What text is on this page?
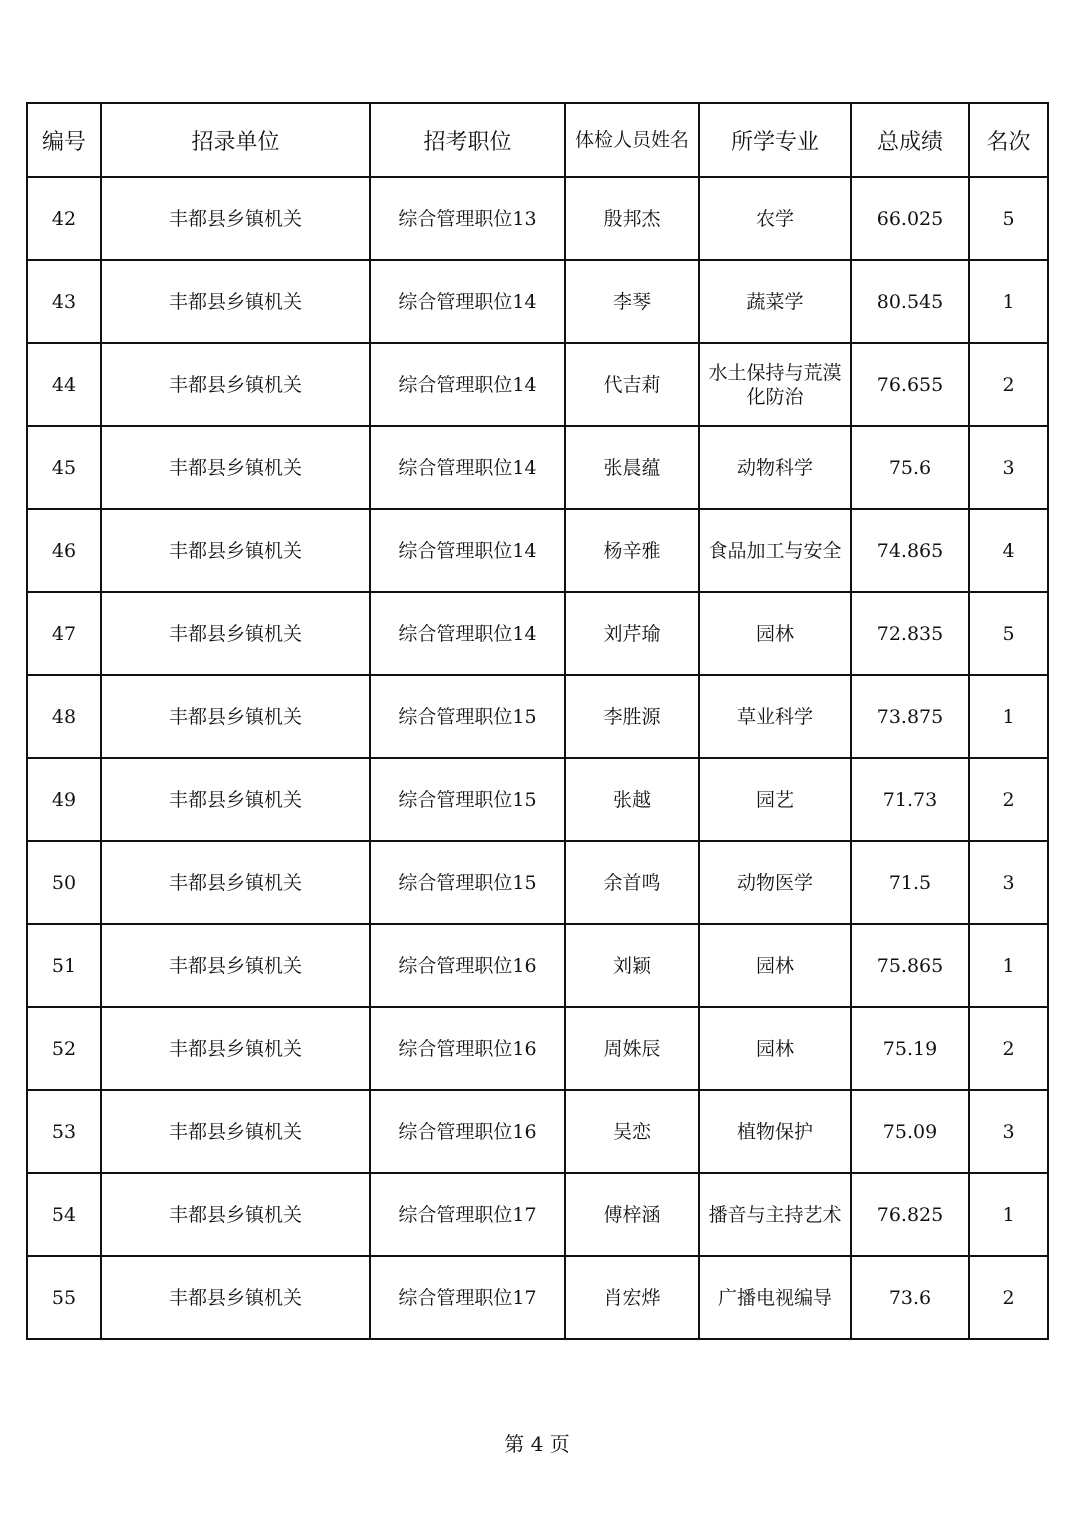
编号	招录单位	招考职位	体检人员姓名	所学专业	总成绩	名次
42	丰都县乡镇机关	综合管理职位13	殷邦杰	农学	66.025	5
43	丰都县乡镇机关	综合管理职位14	李琴	蔬菜学	80.545	1
44	丰都县乡镇机关	综合管理职位14	代吉莉	水土保持与荒漠化防治	76.655	2
45	丰都县乡镇机关	综合管理职位14	张晨蕴	动物科学	75.6	3
46	丰都县乡镇机关	综合管理职位14	杨辛雅	食品加工与安全	74.865	4
47	丰都县乡镇机关	综合管理职位14	刘芹瑜	园林	72.835	5
48	丰都县乡镇机关	综合管理职位15	李胜源	草业科学	73.875	1
49	丰都县乡镇机关	综合管理职位15	张越	园艺	71.73	2
50	丰都县乡镇机关	综合管理职位15	余首鸣	动物医学	71.5	3
51	丰都县乡镇机关	综合管理职位16	刘颖	园林	75.865	1
52	丰都县乡镇机关	综合管理职位16	周姝辰	园林	75.19	2
53	丰都县乡镇机关	综合管理职位16	吴恋	植物保护	75.09	3
54	丰都县乡镇机关	综合管理职位17	傅梓涵	播音与主持艺术	76.825	1
55	丰都县乡镇机关	综合管理职位17	肖宏烨	广播电视编导	73.6	2
第 4 页
